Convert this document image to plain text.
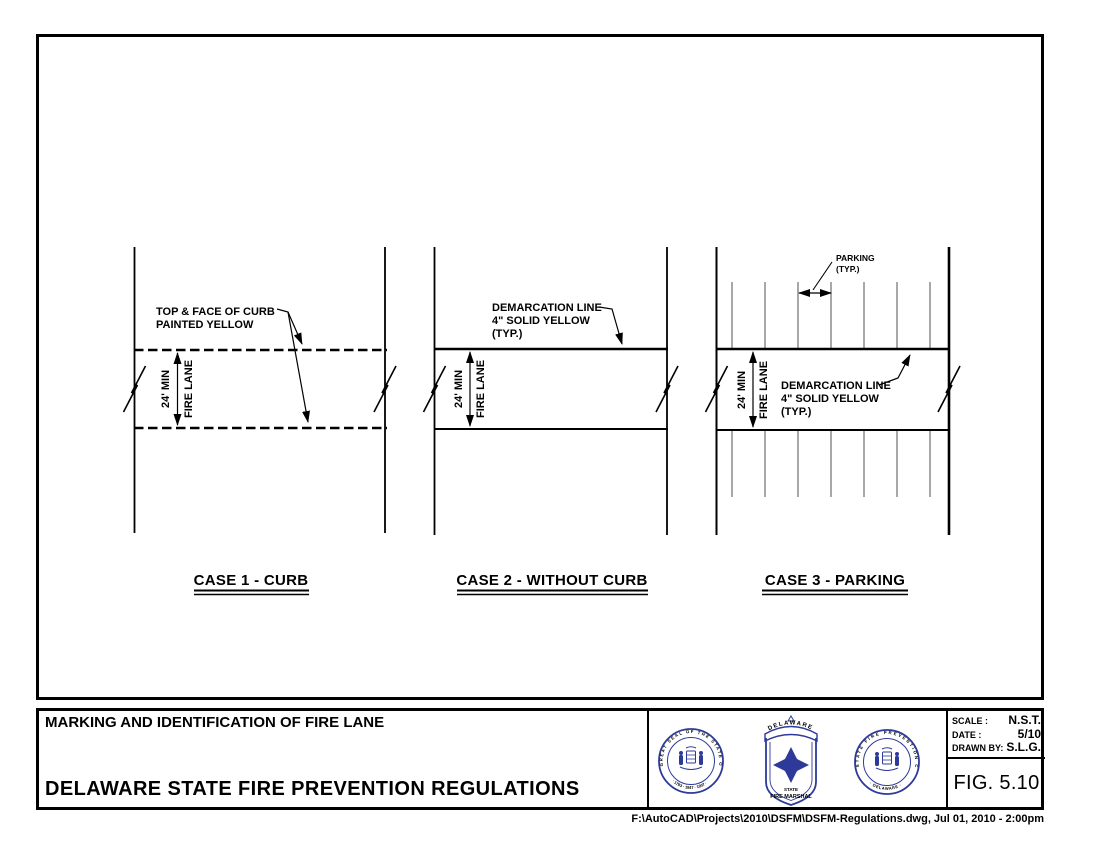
24' MIN FIRE LANE
TOP & FACE OF CURB
PAINTED YELLOW
CASE 1 - CURB
24' MIN FIRE LANE
DEMARCATION LINE
4" SOLID YELLOW
(TYP.)
CASE 2 - WITHOUT CURB
24' MIN FIRE LANE
PARKING
(TYP.)
DEMARCATION LINE
4" SOLID YELLOW
(TYP.)
CASE 3 - PARKING
MARKING AND IDENTIFICATION OF FIRE LANE
DELAWARE STATE FIRE PREVENTION REGULATIONS
SCALE : N.S.T.
DATE :	5/10
DRAWN BY: S.L.G.
FIG. 5.10
GREAT SEAL OF THE STATE OF DELAWARE
· 1793 · 1847 · 1907 ·
DELAWARE
STATE
FIRE MARSHAL
STATE FIRE PREVENTION COMMISSION
· DELAWARE ·
F:\AutoCAD\Projects\2010\DSFM\DSFM-Regulations.dwg, Jul 01, 2010 - 2:00pm
